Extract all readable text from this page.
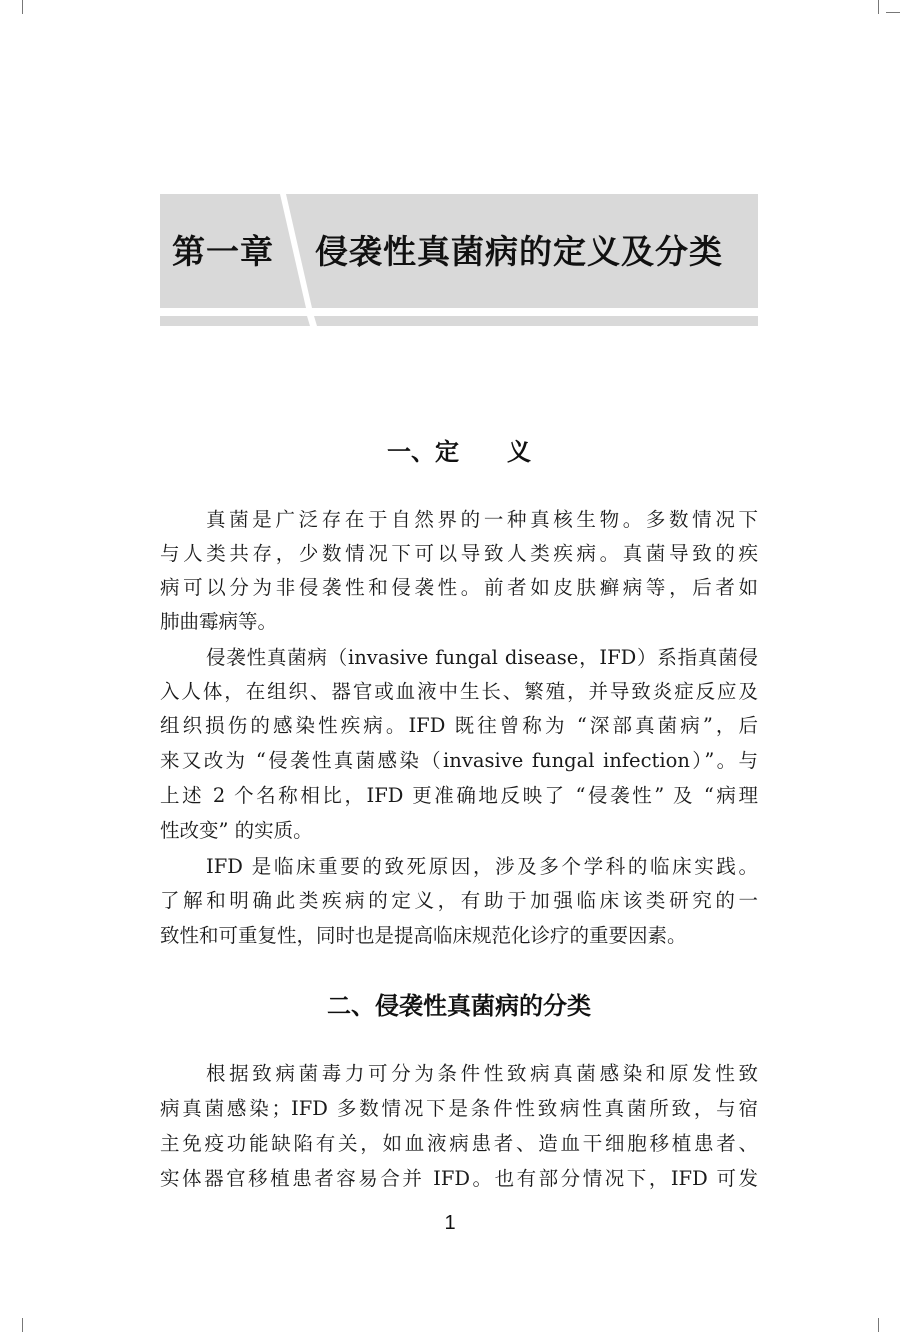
第一章 侵袭性真菌病的定义及分类
一、定　　义
真菌是广泛存在于自然界的一种真核生物。多数情况下
与人类共存，少数情况下可以导致人类疾病。真菌导致的疾
病可以分为非侵袭性和侵袭性。前者如皮肤癣病等，后者如
肺曲霉病等。
侵袭性真菌病（invasive fungal disease，IFD）系指真菌侵
入人体，在组织、器官或血液中生长、繁殖，并导致炎症反应及
组织损伤的感染性疾病。IFD 既往曾称为 “深部真菌病”，后
来又改为 “侵袭性真菌感染（invasive fungal infection）”。与
上述 2 个名称相比，IFD 更准确地反映了 “侵袭性” 及 “病理
性改变” 的实质。
IFD 是临床重要的致死原因，涉及多个学科的临床实践。
了解和明确此类疾病的定义，有助于加强临床该类研究的一
致性和可重复性，同时也是提高临床规范化诊疗的重要因素。
二、侵袭性真菌病的分类
根据致病菌毒力可分为条件性致病真菌感染和原发性致
病真菌感染；IFD 多数情况下是条件性致病性真菌所致，与宿
主免疫功能缺陷有关，如血液病患者、造血干细胞移植患者、
实体器官移植患者容易合并 IFD。也有部分情况下，IFD 可发
1
